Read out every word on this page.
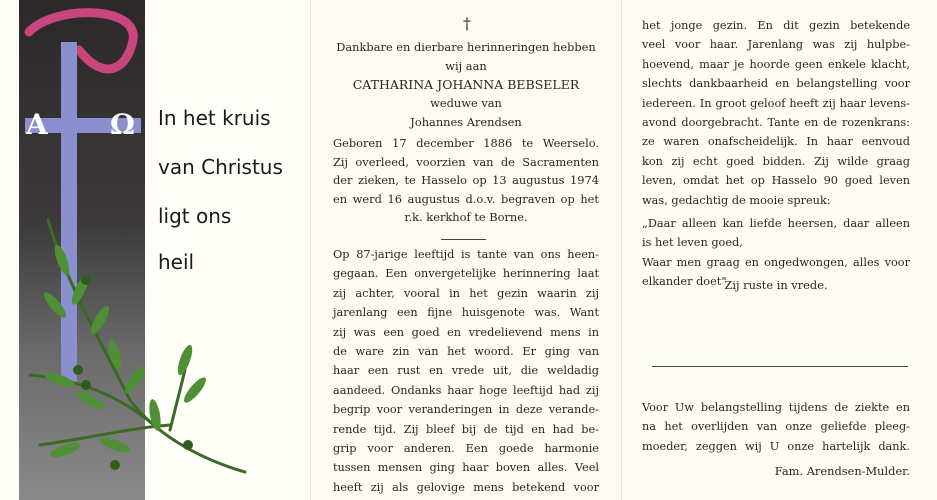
Α Ω In het kruis
van Christus
ligt ons
heil
†
Dankbare en dierbare herinneringen hebben
wij aan
CATHARINA JOHANNA BEBSELER
weduwe van
Johannes Arendsen
Geboren 17 december 1886 te Weerselo.
Zij overleed, voorzien van de Sacramenten
der zieken, te Hasselo op 13 augustus 1974
en werd 16 augustus d.o.v. begraven op het
r.k. kerkhof te Borne.
Op 87-jarige leeftijd is tante van ons heen-
gegaan. Een onvergetelijke herinnering laat
zij achter, vooral in het gezin waarin zij
jarenlang een fijne huisgenote was. Want
zij was een goed en vredelievend mens in
de ware zin van het woord. Er ging van
haar een rust en vrede uit, die weldadig
aandeed. Ondanks haar hoge leeftijd had zij
begrip voor veranderingen in deze verande-
rende tijd. Zij bleef bij de tijd en had be-
grip voor anderen. Een goede harmonie
tussen mensen ging haar boven alles. Veel
heeft zij als gelovige mens betekend voor
het jonge gezin. En dit gezin betekende
veel voor haar. Jarenlang was zij hulpbe-
hoevend, maar je hoorde geen enkele klacht,
slechts dankbaarheid en belangstelling voor
iedereen. In groot geloof heeft zij haar levens-
avond doorgebracht. Tante en de rozenkrans:
ze waren onafscheidelijk. In haar eenvoud
kon zij echt goed bidden. Zij wilde graag
leven, omdat het op Hasselo 90 goed leven
was, gedachtig de mooie spreuk:
„Daar alleen kan liefde heersen, daar alleen
is het leven goed,
Waar men graag en ongedwongen, alles voor
elkander doet".
Zij ruste in vrede.
Voor Uw belangstelling tijdens de ziekte en
na het overlijden van onze geliefde pleeg-
moeder, zeggen wij U onze hartelijk dank.
Fam. Arendsen-Mulder.
